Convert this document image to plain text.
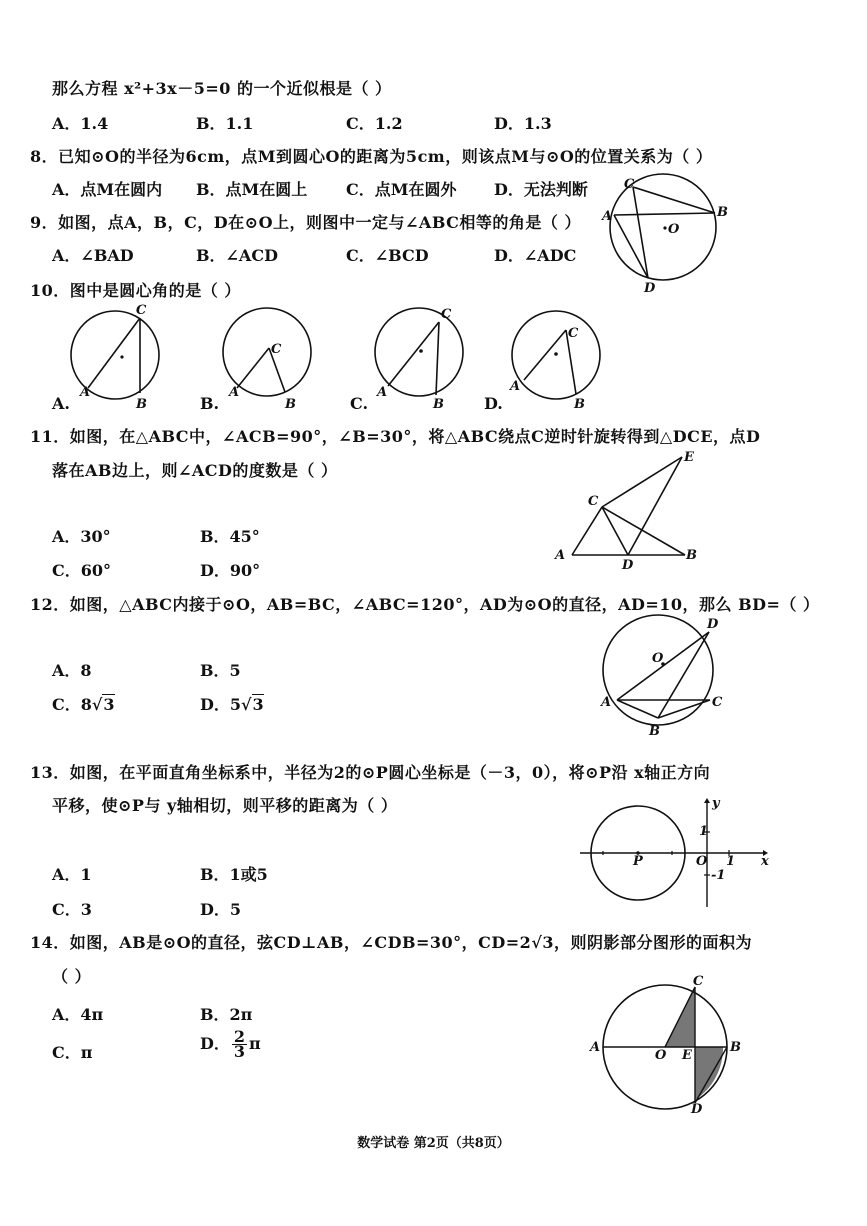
那么方程 x²+3x－5=0 的一个近似根是（ ）
A．1.4	B．1.1	C．1.2	D．1.3
8．已知⊙O的半径为6cm，点M到圆心O的距离为5cm，则该点M与⊙O的位置关系为（ ）
A．点M在圆内 B．点M在圆上 C．点M在圆外 D．无法判断
9．如图，点A，B，C，D在⊙O上，则图中一定与∠ABC相等的角是（ ）
A．∠BAD	B．∠ACD	C．∠BCD	D．∠ADC
C
A	B
O
D
10．图中是圆心角的是（ ）
C
A
B
A.
C
A
B
B.
C
A
B
C.
C
A
B
D.
11．如图，在△ABC中，∠ACB=90°，∠B=30°，将△ABC绕点C逆时针旋转得到△DCE，点D
落在AB边上，则∠ACD的度数是（ ）
A．30°	B．45°
C．60°	D．90°
E
C
A
D
B
12．如图，△ABC内接于⊙O，AB=BC，∠ABC=120°，AD为⊙O的直径，AD=10，那么 BD=（ ）
A．8	B．5
C．8√3	D．5√3
D
O
A	C
B
13．如图，在平面直角坐标系中，半径为2的⊙P圆心坐标是（－3，0），将⊙P沿 x轴正方向
平移，使⊙P与 y轴相切，则平移的距离为（ ）
A．1	B．1或5
C．3	D．5
y
P	O
1
x
1
-1
14．如图，AB是⊙O的直径，弦CD⊥AB，∠CDB=30°，CD=2√3，则阴影部分图形的面积为
（ ）
A．4π	B．2π
C．π	D． $\frac{2}{3}$ π
C
A
O E
B
D
数学试卷 第2页（共8页）
